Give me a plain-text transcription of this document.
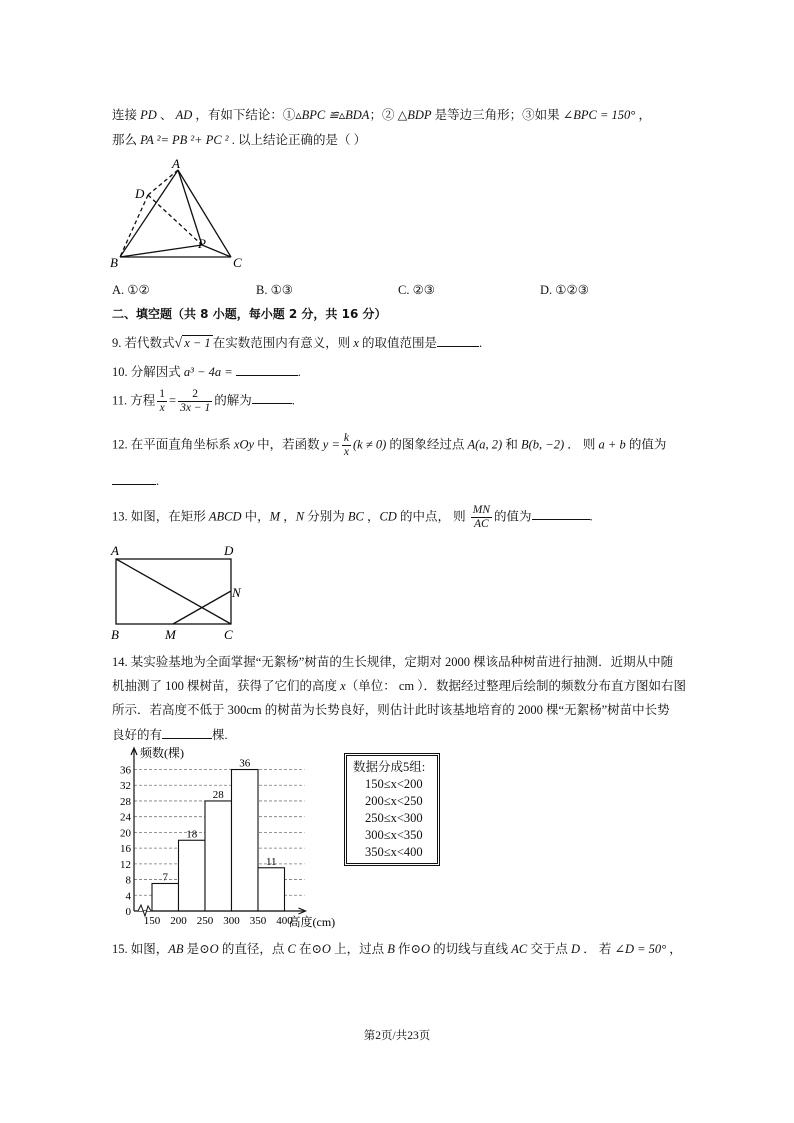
连接 PD 、 AD ，有如下结论：①▵BPC ≌▵BDA；② △BDP 是等边三角形；③如果 ∠BPC = 150° ，
那么 PA ²= PB ²+ PC ² . 以上结论正确的是（ ）
A
D
P
B	C
A. ①②	B. ①③	C. ②③	D. ①②③
二、填空题（共 8 小题，每小题 2 分，共 16 分）
9. 若代数式√ x − 1 在实数范围内有意义，则 x 的取值范围是	.
10. 分解因式 a³ − 4a =	.
11. 方程 $\frac{1}{x} = \frac{2}{3x - 1}$ 的解为	.
12. 在平面直角坐标系 xOy 中，若函数 $y = \frac{k}{x} (k \ne 0)$ 的图象经过点 A(a, 2) 和 B(b, −2) ． 则 a + b 的值为
.
13. 如图，在矩形 ABCD 中，M ，N 分别为 BC ，CD 的中点， 则 $\frac{MN}{AC}$ 的值为	.
A	D
N
B	M	C
14. 某实验基地为全面掌握“无絮杨”树苗的生长规律，定期对 2000 棵该品种树苗进行抽测．近期从中随
机抽测了 100 棵树苗，获得了它们的高度 x（单位： cm ）．数据经过整理后绘制的频数分布直方图如右图
所示．若高度不低于 300cm 的树苗为长势良好，则估计此时该基地培育的 2000 棵“无絮杨”树苗中长势
良好的有	棵.
0
4
8
12
16
20
24
28
32
36
7
18
28
36
11
150 200 250 300 350 400
频数(棵)
高度(cm)
数据分成5组:
150≤x<200
200≤x<250
250≤x<300
300≤x<350
350≤x<400
15. 如图，AB 是⊙O 的直径，点 C 在⊙O 上，过点 B 作⊙O 的切线与直线 AC 交于点 D ． 若 ∠D = 50° ，
第2页/共23页
